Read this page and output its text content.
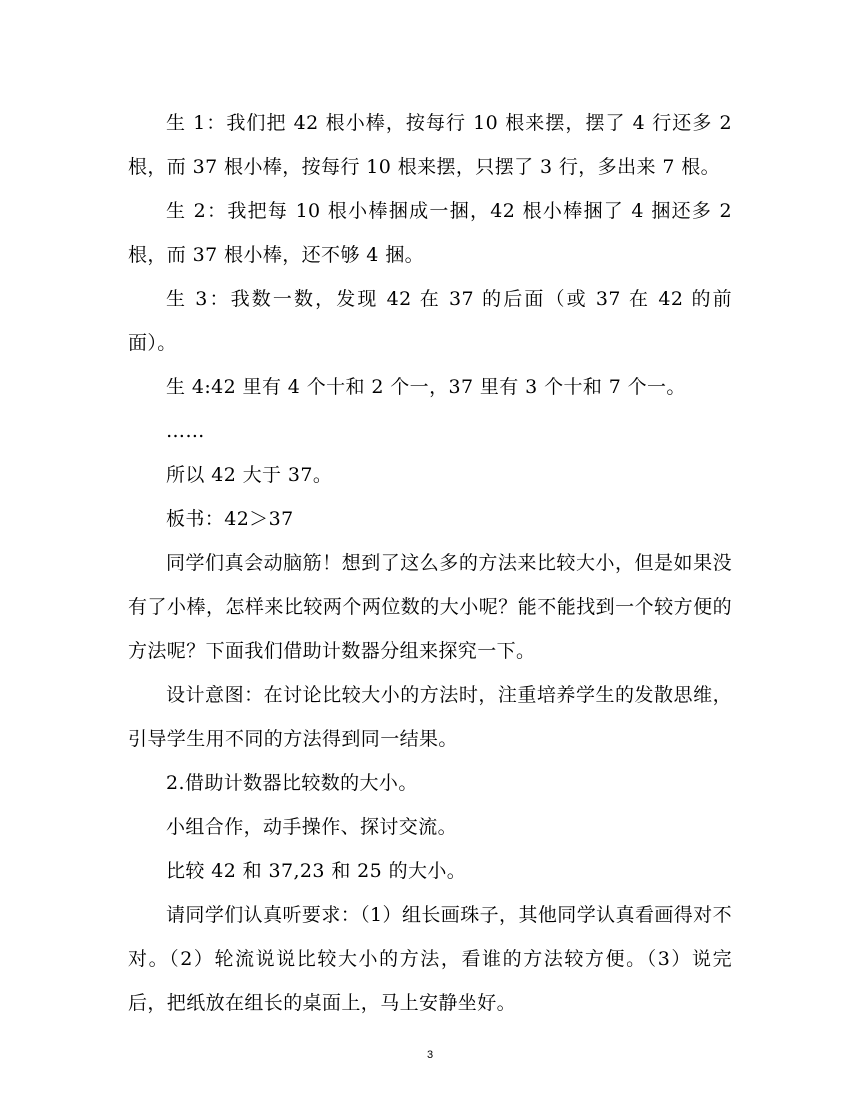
生 1：我们把 42 根小棒，按每行 10 根来摆，摆了 4 行还多 2 根，而 37 根小棒，按每行 10 根来摆，只摆了 3 行，多出来 7 根。

生 2：我把每 10 根小棒捆成一捆，42 根小棒捆了 4 捆还多 2 根，而 37 根小棒，还不够 4 捆。

生 3：我数一数，发现 42 在 37 的后面（或 37 在 42 的前面）。

生 4:42 里有 4 个十和 2 个一，37 里有 3 个十和 7 个一。

……

所以 42 大于 37。

板书：42＞37

同学们真会动脑筋！想到了这么多的方法来比较大小，但是如果没有了小棒，怎样来比较两个两位数的大小呢？能不能找到一个较方便的方法呢？下面我们借助计数器分组来探究一下。

设计意图：在讨论比较大小的方法时，注重培养学生的发散思维，引导学生用不同的方法得到同一结果。

2.借助计数器比较数的大小。

小组合作，动手操作、探讨交流。

比较 42 和 37,23 和 25 的大小。

请同学们认真听要求：（1）组长画珠子，其他同学认真看画得对不对。（2）轮流说说比较大小的方法，看谁的方法较方便。（3）说完后，把纸放在组长的桌面上，马上安静坐好。

3
